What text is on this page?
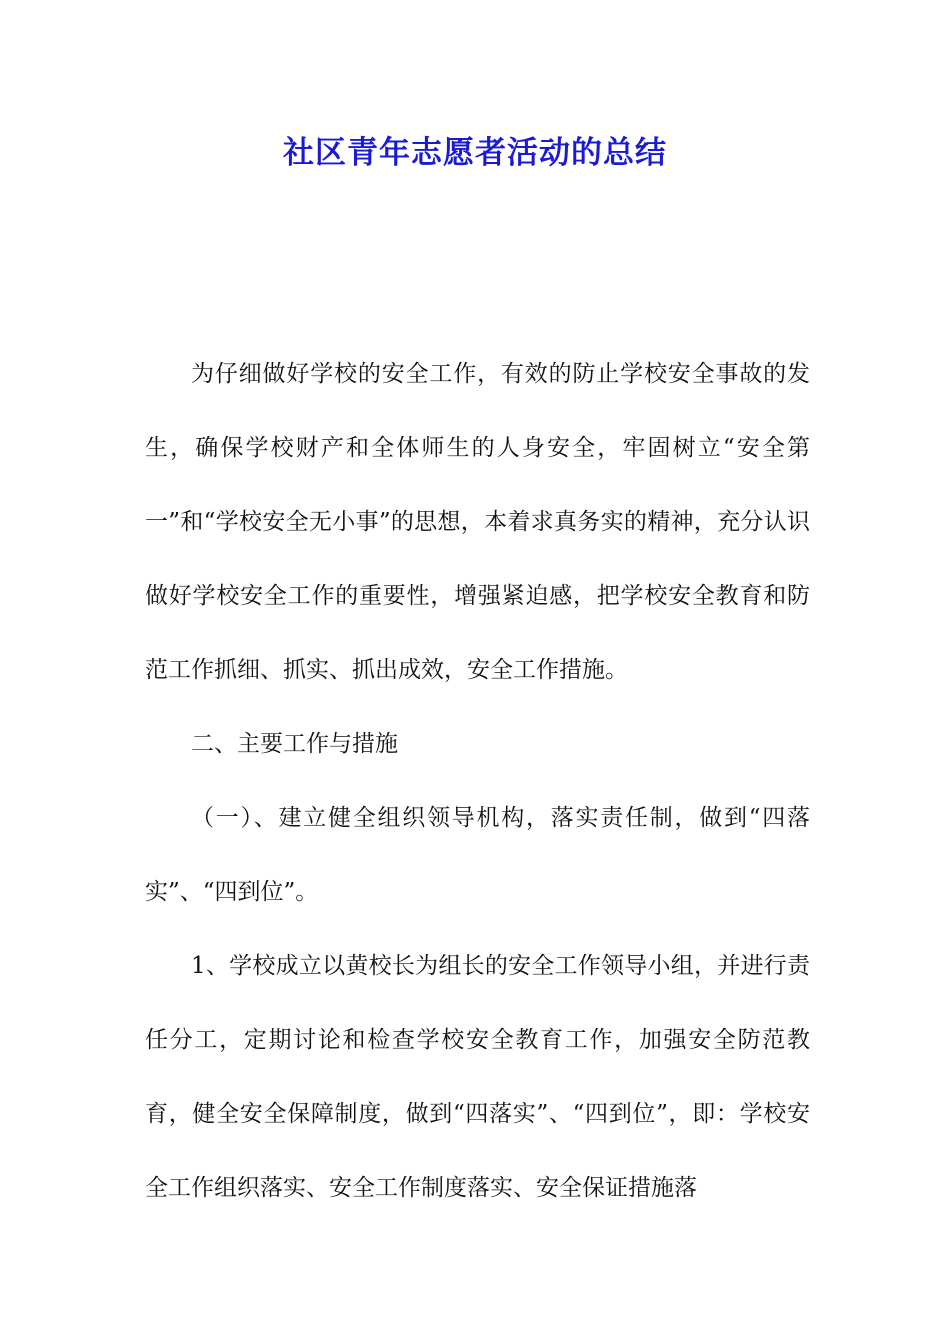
社区青年志愿者活动的总结

为仔细做好学校的安全工作，有效的防止学校安全事故的发生，确保学校财产和全体师生的人身安全，牢固树立“安全第一”和“学校安全无小事”的思想，本着求真务实的精神，充分认识做好学校安全工作的重要性，增强紧迫感，把学校安全教育和防范工作抓细、抓实、抓出成效，安全工作措施。

二、主要工作与措施

（一）、建立健全组织领导机构，落实责任制，做到“四落实”、“四到位”。

1、学校成立以黄校长为组长的安全工作领导小组，并进行责任分工，定期讨论和检查学校安全教育工作，加强安全防范教育，健全安全保障制度，做到“四落实”、“四到位”，即：学校安全工作组织落实、安全工作制度落实、安全保证措施落
